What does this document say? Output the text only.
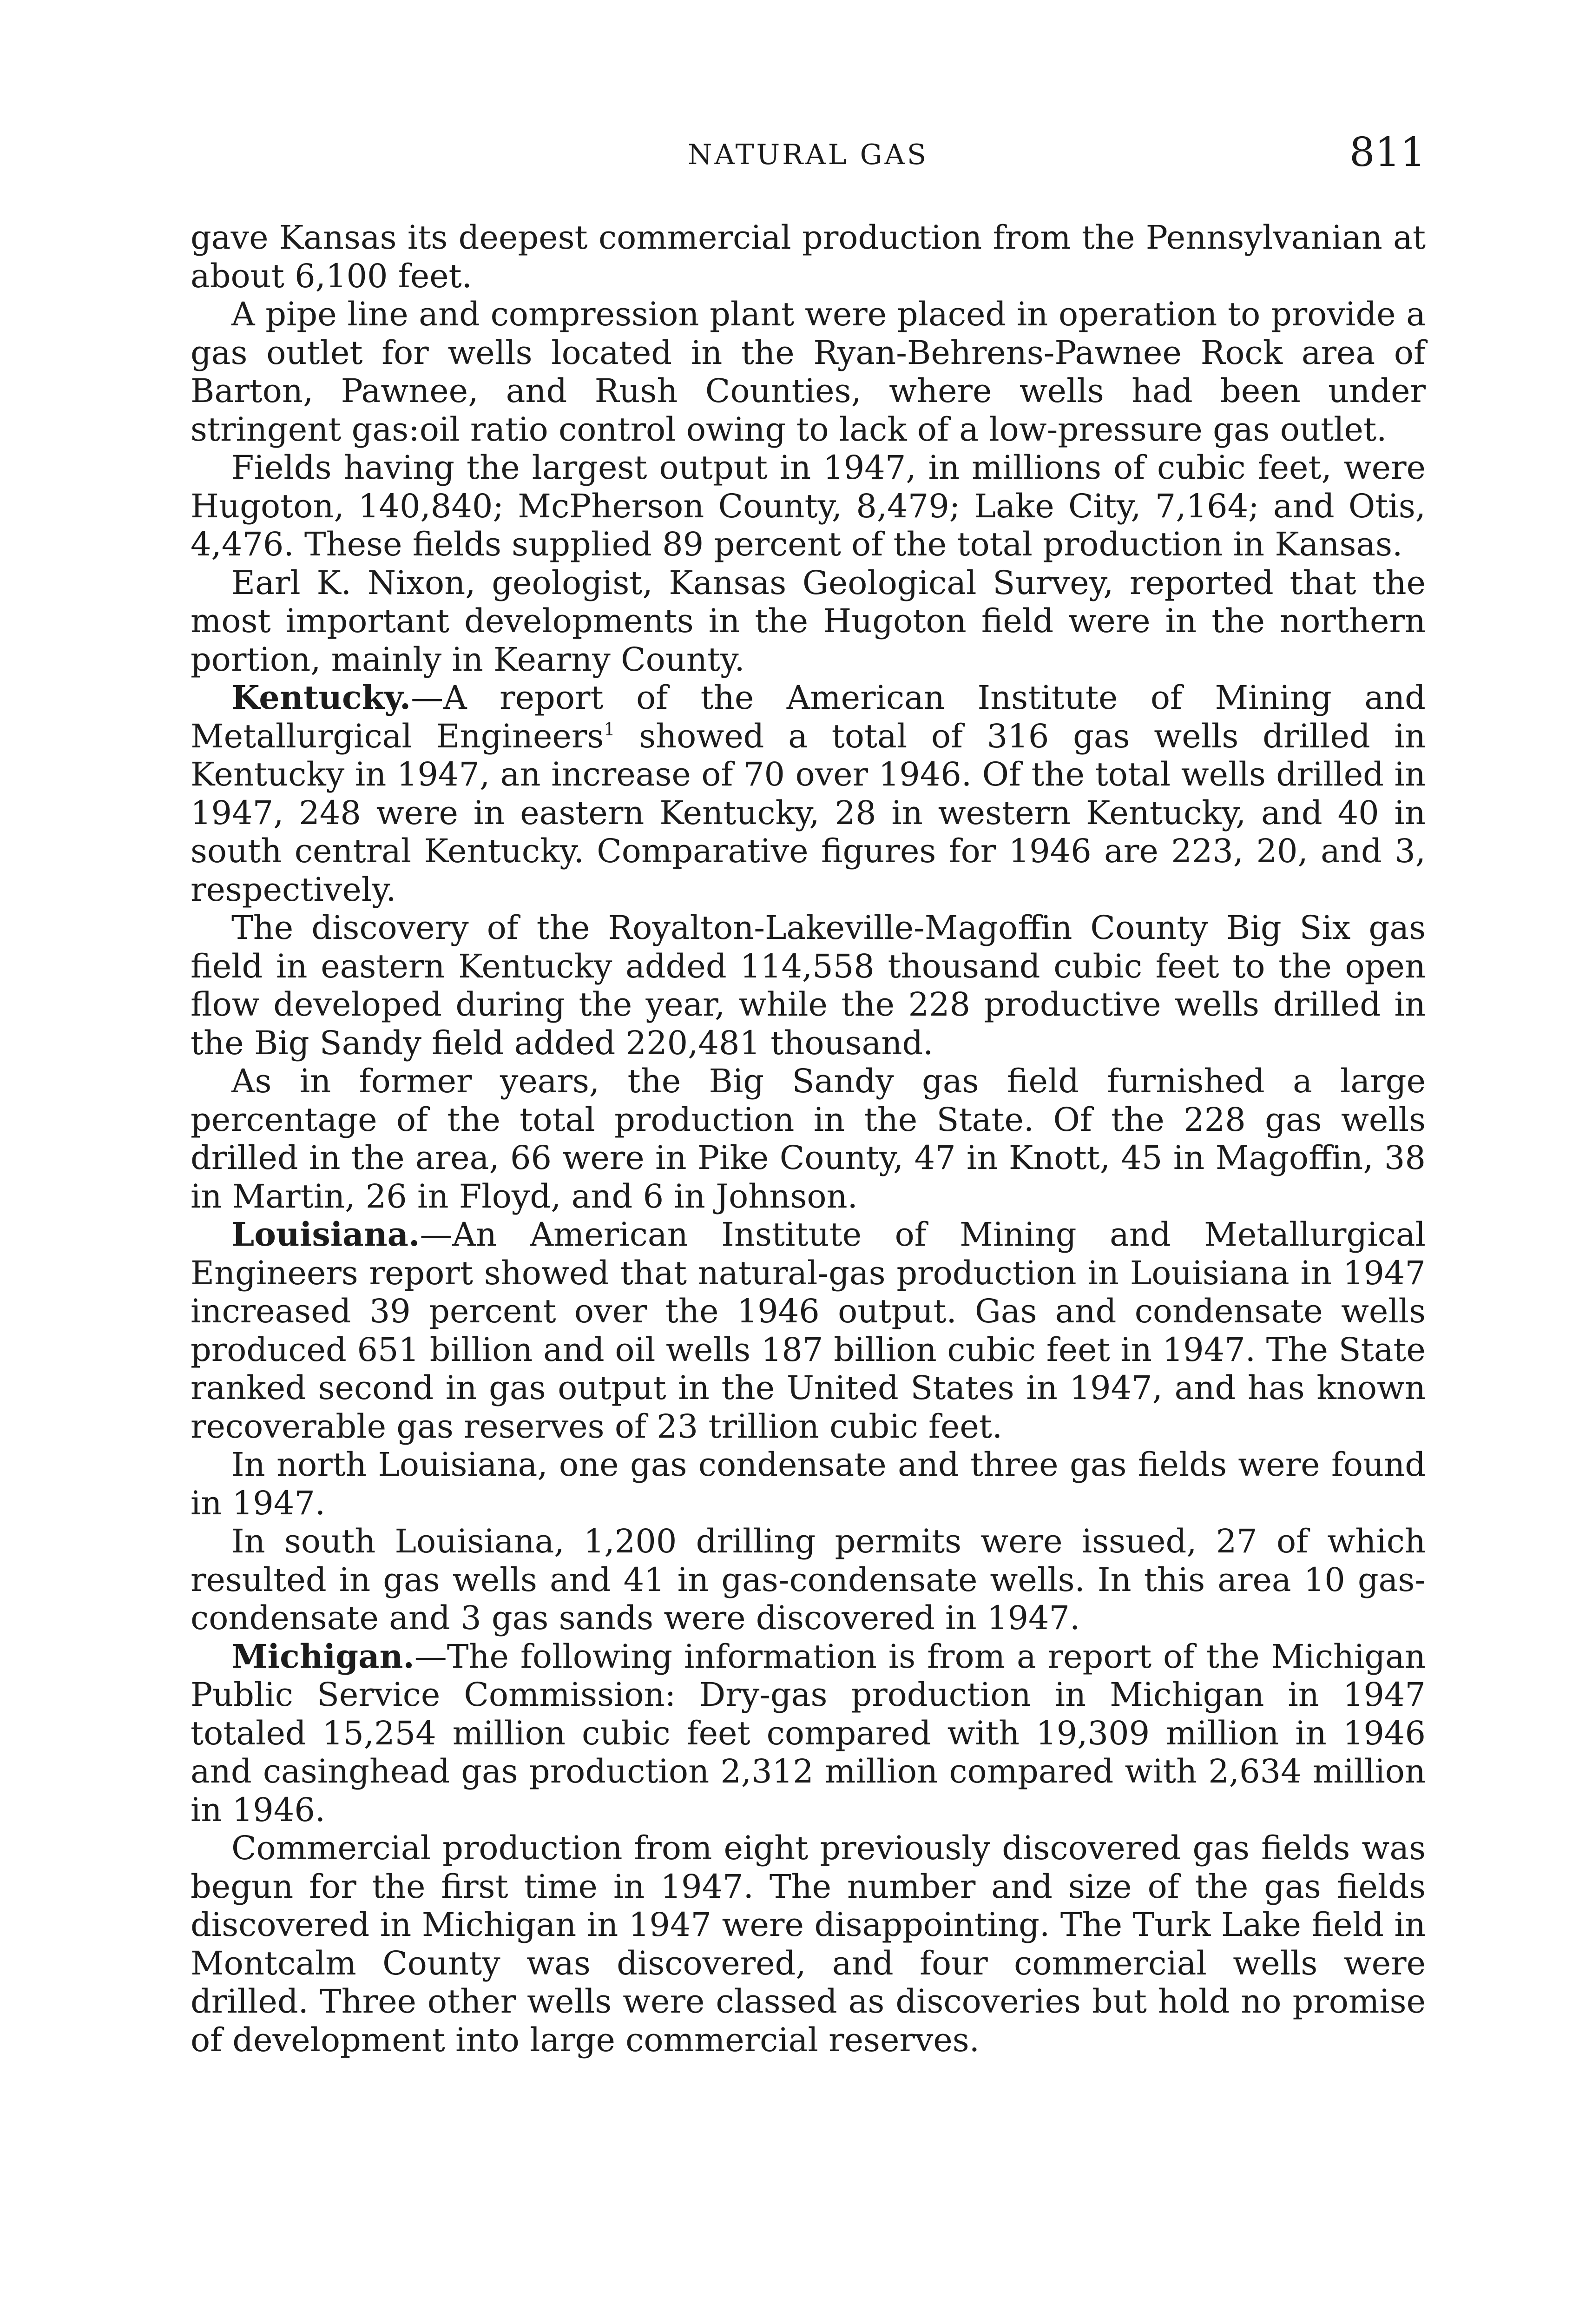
NATURAL GAS	811

gave Kansas its deepest commercial production from the Pennsylvanian at about 6,100 feet.

A pipe line and compression plant were placed in operation to provide a gas outlet for wells located in the Ryan-Behrens-Pawnee Rock area of Barton, Pawnee, and Rush Counties, where wells had been under stringent gas:oil ratio control owing to lack of a low-pressure gas outlet.

Fields having the largest output in 1947, in millions of cubic feet, were Hugoton, 140,840; McPherson County, 8,479; Lake City, 7,164; and Otis, 4,476. These fields supplied 89 percent of the total production in Kansas.

Earl K. Nixon, geologist, Kansas Geological Survey, reported that the most important developments in the Hugoton field were in the northern portion, mainly in Kearny County.

Kentucky.—A report of the American Institute of Mining and Metallurgical Engineers$^1$ showed a total of 316 gas wells drilled in Kentucky in 1947, an increase of 70 over 1946. Of the total wells drilled in 1947, 248 were in eastern Kentucky, 28 in western Kentucky, and 40 in south central Kentucky. Comparative figures for 1946 are 223, 20, and 3, respectively.

The discovery of the Royalton-Lakeville-Magoffin County Big Six gas field in eastern Kentucky added 114,558 thousand cubic feet to the open flow developed during the year, while the 228 productive wells drilled in the Big Sandy field added 220,481 thousand.

As in former years, the Big Sandy gas field furnished a large percentage of the total production in the State. Of the 228 gas wells drilled in the area, 66 were in Pike County, 47 in Knott, 45 in Magoffin, 38 in Martin, 26 in Floyd, and 6 in Johnson.

Louisiana.—An American Institute of Mining and Metallurgical Engineers report showed that natural-gas production in Louisiana in 1947 increased 39 percent over the 1946 output. Gas and condensate wells produced 651 billion and oil wells 187 billion cubic feet in 1947. The State ranked second in gas output in the United States in 1947, and has known recoverable gas reserves of 23 trillion cubic feet.

In north Louisiana, one gas condensate and three gas fields were found in 1947.

In south Louisiana, 1,200 drilling permits were issued, 27 of which resulted in gas wells and 41 in gas-condensate wells. In this area 10 gas-condensate and 3 gas sands were discovered in 1947.

Michigan.—The following information is from a report of the Michigan Public Service Commission: Dry-gas production in Michigan in 1947 totaled 15,254 million cubic feet compared with 19,309 million in 1946 and casinghead gas production 2,312 million compared with 2,634 million in 1946.

Commercial production from eight previously discovered gas fields was begun for the first time in 1947. The number and size of the gas fields discovered in Michigan in 1947 were disappointing. The Turk Lake field in Montcalm County was discovered, and four commercial wells were drilled. Three other wells were classed as discoveries but hold no promise of development into large commercial reserves.
